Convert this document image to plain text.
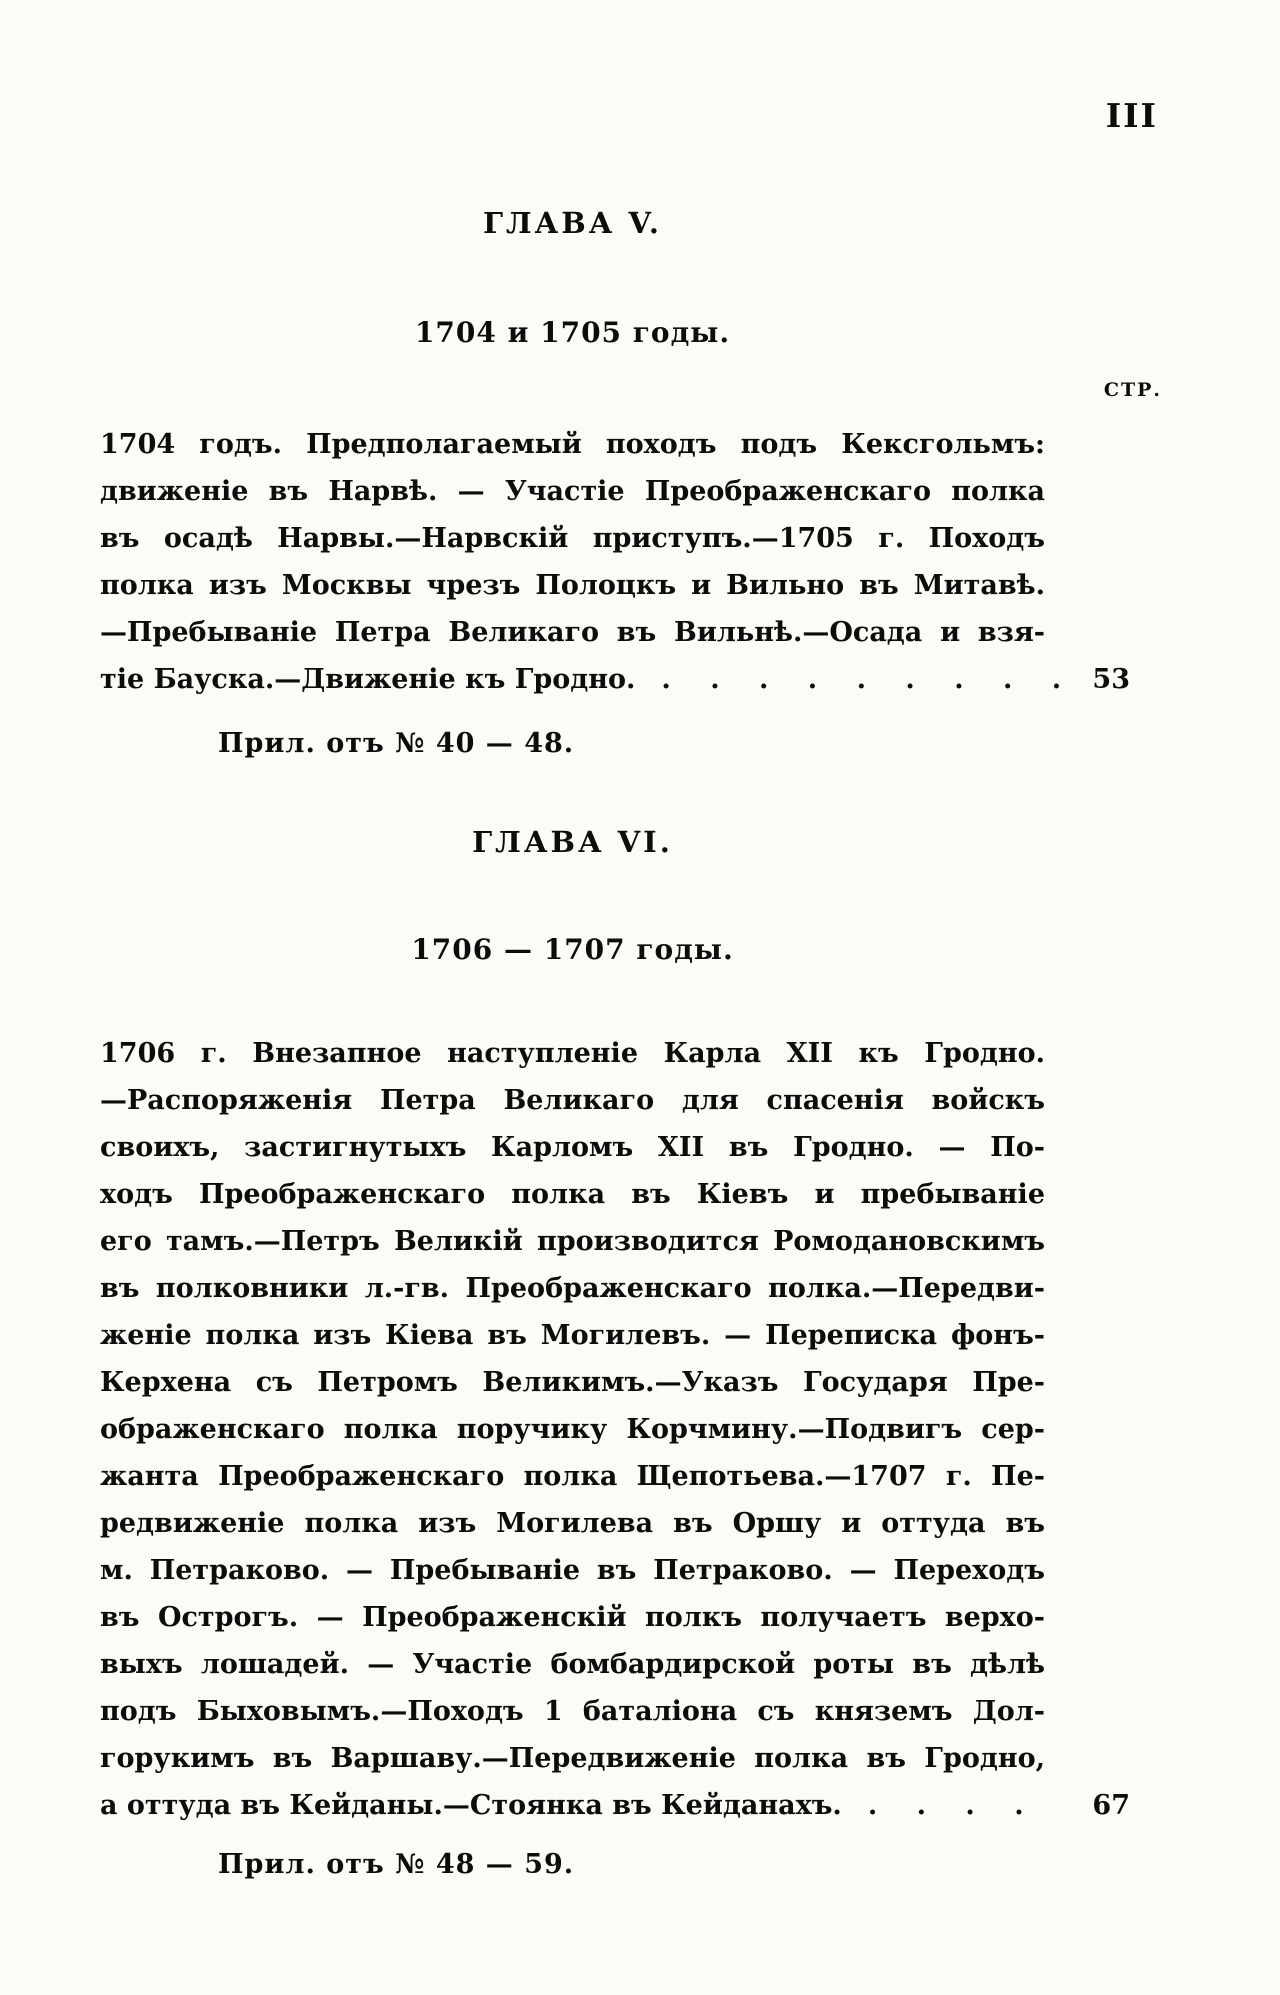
III
СТР.
ГЛАВА V.
1704 и 1705 годы.
1704 годъ. Предполагаемый походъ подъ Кексгольмъ:
движеніе въ Нарвѣ. — Участіе Преображенскаго полка
въ осадѣ Нарвы.—Нарвскій приступъ.—1705 г. Походъ
полка изъ Москвы чрезъ Полоцкъ и Вильно въ Митавѣ.
—Пребываніе Петра Великаго въ Вильнѣ.—Осада и взя-
тіе Бауска.—Движеніе къ Гродно. . . . . . . . . .	53
Прил. отъ № 40 — 48.
ГЛАВА VI.
1706 — 1707 годы.
1706 г. Внезапное наступленіе Карла XII къ Гродно.
—Распоряженія Петра Великаго для спасенія войскъ
своихъ, застигнутыхъ Карломъ XII въ Гродно. — По-
ходъ Преображенскаго полка въ Кіевъ и пребываніе
его тамъ.—Петръ Великій производится Ромодановскимъ
въ полковники л.-гв. Преображенскаго полка.—Передви-
женіе полка изъ Кіева въ Могилевъ. — Переписка фонъ-
Керхена съ Петромъ Великимъ.—Указъ Государя Пре-
ображенскаго полка поручику Корчмину.—Подвигъ сер-
жанта Преображенскаго полка Щепотьева.—1707 г. Пе-
редвиженіе полка изъ Могилева въ Оршу и оттуда въ
м. Петраково. — Пребываніе въ Петраково. — Переходъ
въ Острогъ. — Преображенскій полкъ получаетъ верхо-
выхъ лошадей. — Участіе бомбардирской роты въ дѣлѣ
подъ Быховымъ.—Походъ 1 баталіона съ княземъ Дол-
горукимъ въ Варшаву.—Передвиженіе полка въ Гродно,
а оттуда въ Кейданы.—Стоянка въ Кейданахъ. . . . .	67
Прил. отъ № 48 — 59.
